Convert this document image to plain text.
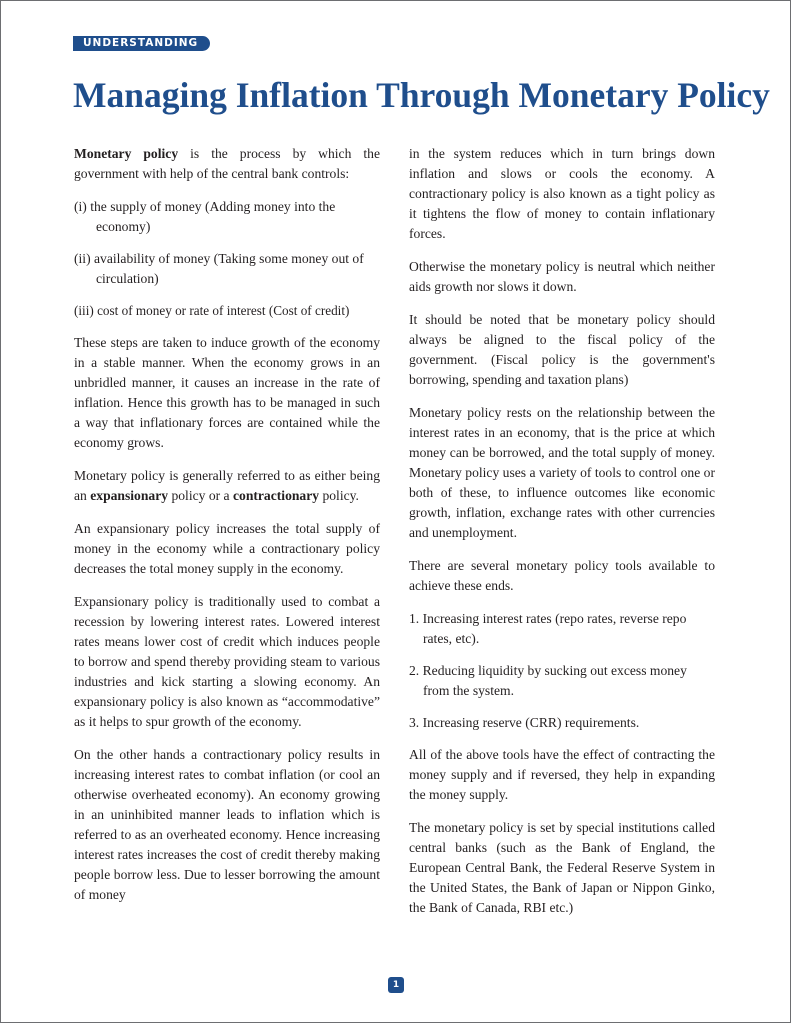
UNDERSTANDING
Managing Inflation Through Monetary Policy

Monetary policy is the process by which the government with help of the central bank controls:

(i) the supply of money (Adding money into the economy)

(ii) availability of money (Taking some money out of circulation)

(iii) cost of money or rate of interest (Cost of credit)

These steps are taken to induce growth of the economy in a stable manner. When the economy grows in an unbridled manner, it causes an increase in the rate of inflation. Hence this growth has to be managed in such a way that inflationary forces are contained while the economy grows.

Monetary policy is generally referred to as either being an expansionary policy or a contractionary policy.

An expansionary policy increases the total supply of money in the economy while a contractionary policy decreases the total money supply in the economy.

Expansionary policy is traditionally used to combat a recession by lowering interest rates. Lowered interest rates means lower cost of credit which induces people to borrow and spend thereby providing steam to various industries and kick starting a slowing economy. An expansionary policy is also known as “accommodative” as it helps to spur growth of the economy.

On the other hands a contractionary policy results in increasing interest rates to combat inflation (or cool an otherwise overheated economy). An economy growing in an uninhibited manner leads to inflation which is referred to as an overheated economy. Hence increasing interest rates increases the cost of credit thereby making people borrow less. Due to lesser borrowing the amount of money

in the system reduces which in turn brings down inflation and slows or cools the economy. A contractionary policy is also known as a tight policy as it tightens the flow of money to contain inflationary forces.

Otherwise the monetary policy is neutral which neither aids growth nor slows it down.

It should be noted that be monetary policy should always be aligned to the fiscal policy of the government. (Fiscal policy is the government's borrowing, spending and taxation plans)

Monetary policy rests on the relationship between the interest rates in an economy, that is the price at which money can be borrowed, and the total supply of money. Monetary policy uses a variety of tools to control one or both of these, to influence outcomes like economic growth, inflation, exchange rates with other currencies and unemployment.

There are several monetary policy tools available to achieve these ends.

1. Increasing interest rates (repo rates, reverse repo rates, etc).

2. Reducing liquidity by sucking out excess money from the system.

3. Increasing reserve (CRR) requirements.

All of the above tools have the effect of contracting the money supply and if reversed, they help in expanding the money supply.

The monetary policy is set by special institutions called central banks (such as the Bank of England, the European Central Bank, the Federal Reserve System in the United States, the Bank of Japan or Nippon Ginko, the Bank of Canada, RBI etc.)

1
